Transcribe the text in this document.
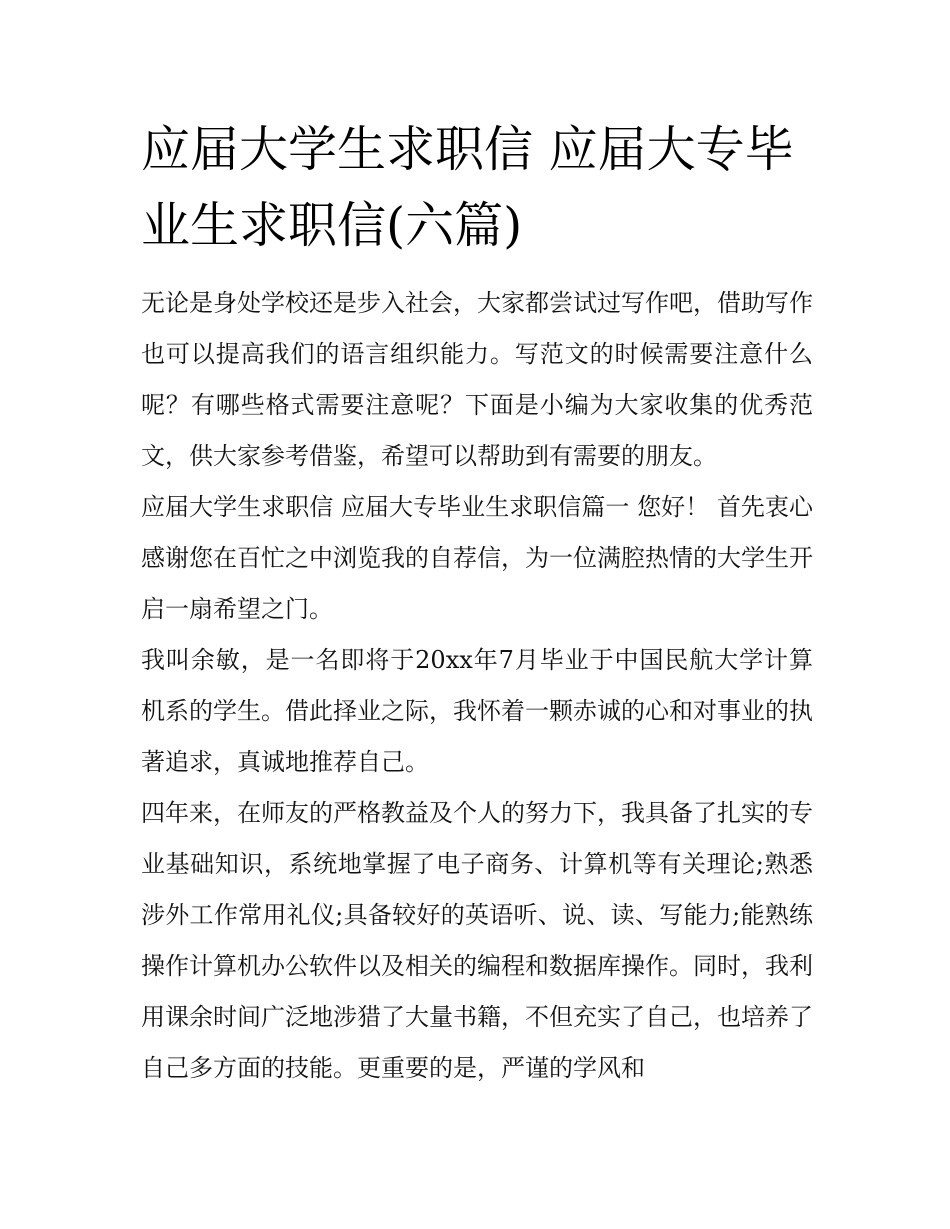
应届大学生求职信 应届大专毕业生求职信(六篇)

无论是身处学校还是步入社会，大家都尝试过写作吧，借助写作也可以提高我们的语言组织能力。写范文的时候需要注意什么呢？有哪些格式需要注意呢？下面是小编为大家收集的优秀范文，供大家参考借鉴，希望可以帮助到有需要的朋友。

应届大学生求职信 应届大专毕业生求职信篇一 您好！ 首先衷心感谢您在百忙之中浏览我的自荐信，为一位满腔热情的大学生开启一扇希望之门。

我叫余敏，是一名即将于20xx年7月毕业于中国民航大学计算机系的学生。借此择业之际，我怀着一颗赤诚的心和对事业的执著追求，真诚地推荐自己。

四年来，在师友的严格教益及个人的努力下，我具备了扎实的专业基础知识，系统地掌握了电子商务、计算机等有关理论;熟悉涉外工作常用礼仪;具备较好的英语听、说、读、写能力;能熟练操作计算机办公软件以及相关的编程和数据库操作。同时，我利用课余时间广泛地涉猎了大量书籍，不但充实了自己，也培养了自己多方面的技能。更重要的是，严谨的学风和
